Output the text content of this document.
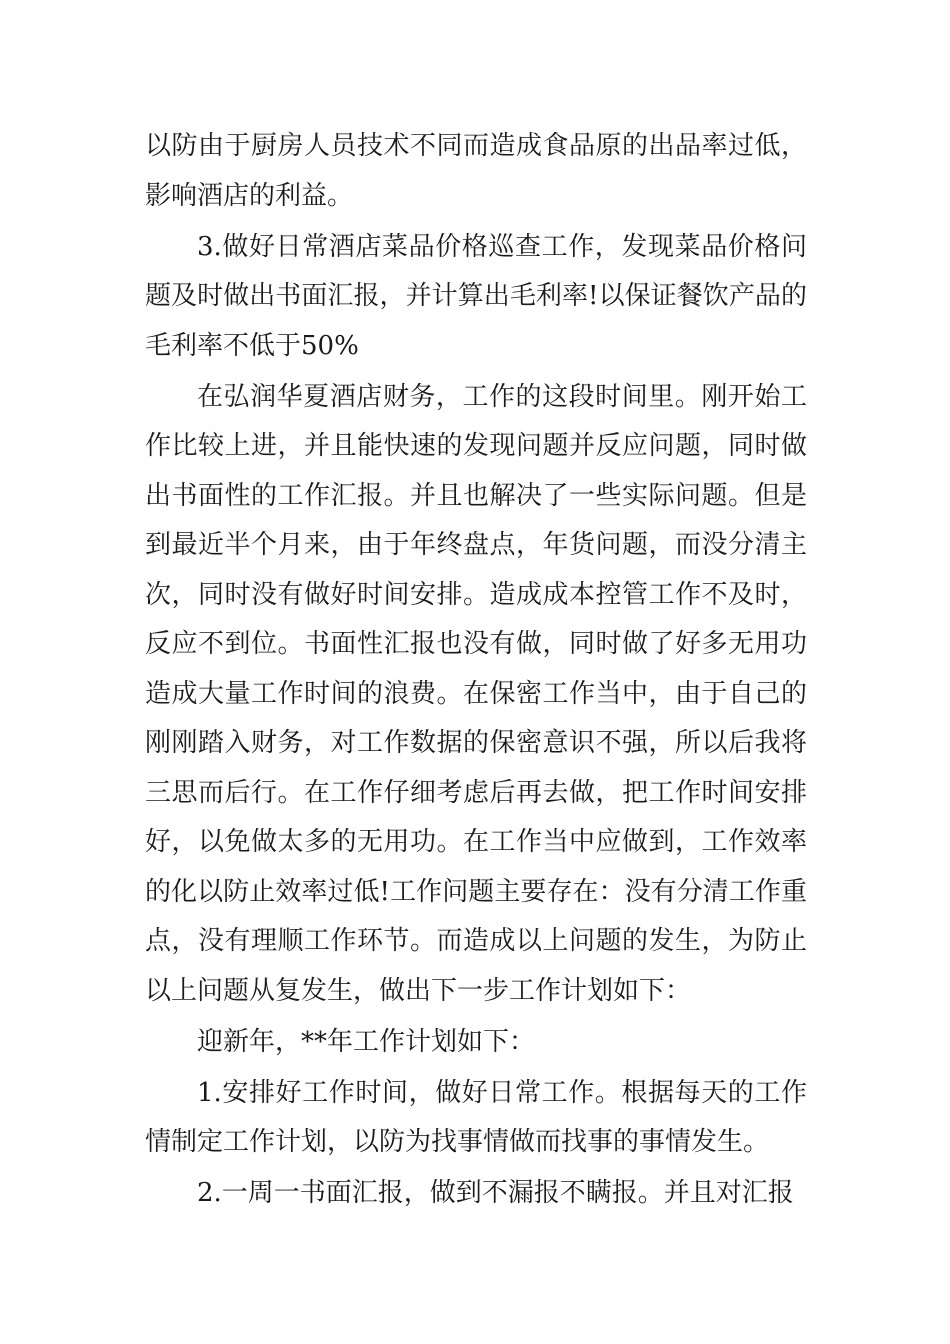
以防由于厨房人员技术不同而造成食品原的出品率过低，影响酒店的利益。

3.做好日常酒店菜品价格巡查工作，发现菜品价格问题及时做出书面汇报，并计算出毛利率!以保证餐饮产品的毛利率不低于50%

在弘润华夏酒店财务，工作的这段时间里。刚开始工作比较上进，并且能快速的发现问题并反应问题，同时做出书面性的工作汇报。并且也解决了一些实际问题。但是到最近半个月来，由于年终盘点，年货问题，而没分清主次，同时没有做好时间安排。造成成本控管工作不及时，反应不到位。书面性汇报也没有做，同时做了好多无用功造成大量工作时间的浪费。在保密工作当中，由于自己的刚刚踏入财务，对工作数据的保密意识不强，所以后我将三思而后行。在工作仔细考虑后再去做，把工作时间安排好，以免做太多的无用功。在工作当中应做到，工作效率的化以防止效率过低!工作问题主要存在：没有分清工作重点，没有理顺工作环节。而造成以上问题的发生，为防止以上问题从复发生，做出下一步工作计划如下：

迎新年，**年工作计划如下：

1.安排好工作时间，做好日常工作。根据每天的工作情制定工作计划，以防为找事情做而找事的事情发生。

2.一周一书面汇报，做到不漏报不瞒报。并且对汇报
